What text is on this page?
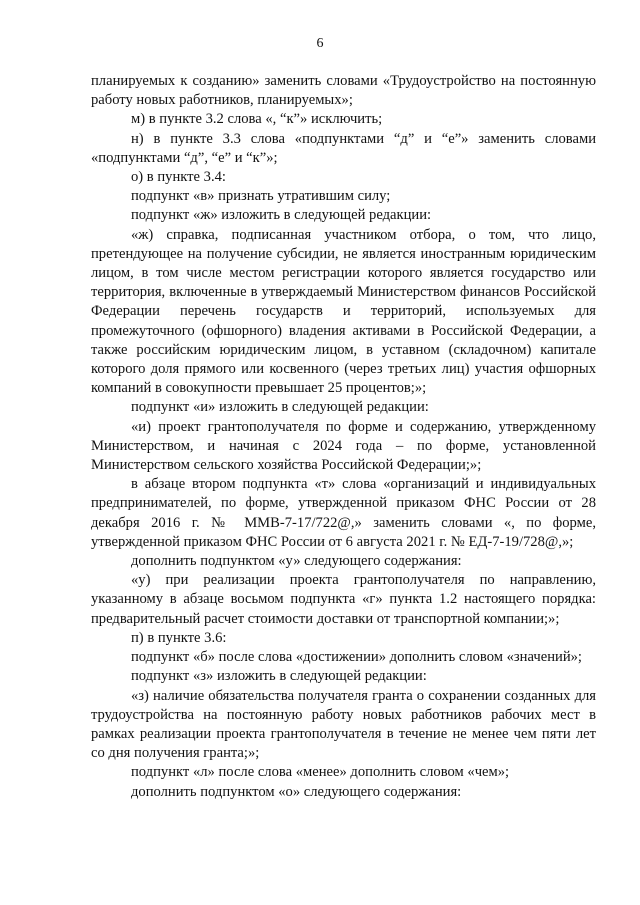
6

планируемых к созданию» заменить словами «Трудоустройство на постоянную работу новых работников, планируемых»;

м) в пункте 3.2 слова «, “к”» исключить;

н) в пункте 3.3 слова «подпунктами “д” и “е”» заменить словами «подпунктами “д”, “е” и “к”»;

о) в пункте 3.4:

подпункт «в» признать утратившим силу;

подпункт «ж» изложить в следующей редакции:

«ж) справка, подписанная участником отбора, о том, что лицо, претендующее на получение субсидии, не является иностранным юридическим лицом, в том числе местом регистрации которого является государство или территория, включенные в утверждаемый Министерством финансов Российской Федерации перечень государств и территорий, используемых для промежуточного (офшорного) владения активами в Российской Федерации, а также российским юридическим лицом, в уставном (складочном) капитале которого доля прямого или косвенного (через третьих лиц) участия офшорных компаний в совокупности превышает 25 процентов;»;

подпункт «и» изложить в следующей редакции:

«и) проект грантополучателя по форме и содержанию, утвержденному Министерством, и начиная с 2024 года – по форме, установленной Министерством сельского хозяйства Российской Федерации;»;

в абзаце втором подпункта «т» слова «организаций и индивидуальных предпринимателей, по форме, утвержденной приказом ФНС России от 28 декабря 2016 г. № ММВ-7-17/722@,» заменить словами «, по форме, утвержденной приказом ФНС России от 6 августа 2021 г. № ЕД-7-19/728@,»;

дополнить подпунктом «у» следующего содержания:

«у) при реализации проекта грантополучателя по направлению, указанному в абзаце восьмом подпункта «г» пункта 1.2 настоящего порядка: предварительный расчет стоимости доставки от транспортной компании;»;

п) в пункте 3.6:

подпункт «б» после слова «достижении» дополнить словом «значений»;

подпункт «з» изложить в следующей редакции:

«з) наличие обязательства получателя гранта о сохранении созданных для трудоустройства на постоянную работу новых работников рабочих мест в рамках реализации проекта грантополучателя в течение не менее чем пяти лет со дня получения гранта;»;

подпункт «л» после слова «менее» дополнить словом «чем»;

дополнить подпунктом «о» следующего содержания:
